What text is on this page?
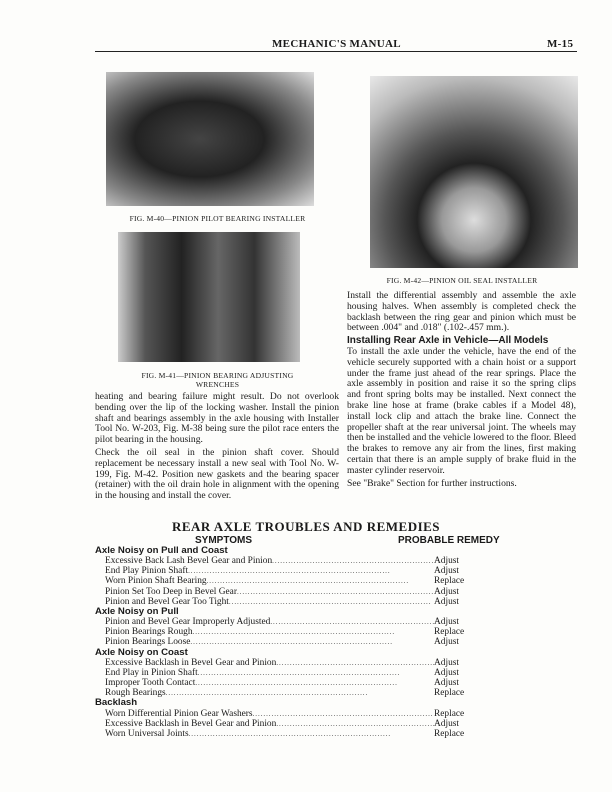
MECHANIC'S MANUAL	M-15
FIG. M-40—PINION PILOT BEARING INSTALLER
FIG. M-41—PINION BEARING ADJUSTING
WRENCHES
FIG. M-42—PINION OIL SEAL INSTALLER

heating and bearing failure might result. Do not overlook bending over the lip of the locking washer. Install the pinion shaft and bearings assembly in the axle housing with Installer Tool No. W-203, Fig. M-38 being sure the pilot race enters the pilot bearing in the housing.

Check the oil seal in the pinion shaft cover. Should replacement be necessary install a new seal with Tool No. W-199, Fig. M-42. Position new gaskets and the bearing spacer (retainer) with the oil drain hole in alignment with the opening in the housing and install the cover.

Install the differential assembly and assemble the axle housing halves. When assembly is completed check the backlash between the ring gear and pinion which must be between .004" and .018" (.102-.457 mm.).

Installing Rear Axle in Vehicle—All Models

To install the axle under the vehicle, have the end of the vehicle securely supported with a chain hoist or a support under the frame just ahead of the rear springs. Place the axle assembly in position and raise it so the spring clips and front spring bolts may be installed. Next connect the brake line hose at frame (brake cables if a Model 48), install lock clip and attach the brake line. Connect the propeller shaft at the rear universal joint. The wheels may then be installed and the vehicle lowered to the floor. Bleed the brakes to remove any air from the lines, first making certain that there is an ample supply of brake fluid in the master cylinder reservoir.

See "Brake" Section for further instructions.

REAR AXLE TROUBLES AND REMEDIES
SYMPTOMS	PROBABLE REMEDY
Axle Noisy on Pull and Coast
Excessive Back Lash Bevel Gear and Pinion . . .	Adjust
End Play Pinion Shaft . . .	Adjust
Worn Pinion Shaft Bearing . . .	Replace
Pinion Set Too Deep in Bevel Gear . . .	Adjust
Pinion and Bevel Gear Too Tight . . .	Adjust
Axle Noisy on Pull
Pinion and Bevel Gear Improperly Adjusted . . .	Adjust
Pinion Bearings Rough . . .	Replace
Pinion Bearings Loose . . .	Adjust
Axle Noisy on Coast
Excessive Backlash in Bevel Gear and Pinion . . .	Adjust
End Play in Pinion Shaft . . .	Adjust
Improper Tooth Contact . . .	Adjust
Rough Bearings . . .	Replace
Backlash
Worn Differential Pinion Gear Washers . . .	Replace
Excessive Backlash in Bevel Gear and Pinion . . .	Adjust
Worn Universal Joints . . .	Replace
